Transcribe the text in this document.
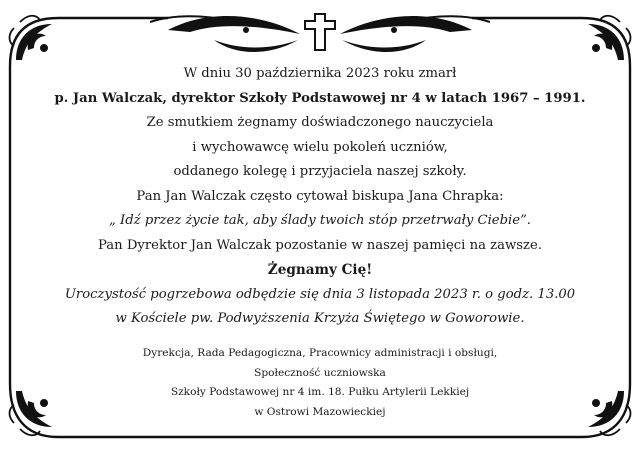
W dniu 30 października 2023 roku zmarł
p. Jan Walczak, dyrektor Szkoły Podstawowej nr 4 w latach 1967 – 1991.
Ze smutkiem żegnamy doświadczonego nauczyciela
i wychowawcę wielu pokoleń uczniów,
oddanego kolegę i przyjaciela naszej szkoły.
Pan Jan Walczak często cytował biskupa Jana Chrapka:
„ Idź przez życie tak, aby ślady twoich stóp przetrwały Ciebie”.
Pan Dyrektor Jan Walczak pozostanie w naszej pamięci na zawsze.
Żegnamy Cię!
Uroczystość pogrzebowa odbędzie się dnia 3 listopada 2023 r. o godz. 13.00
w Kościele pw. Podwyższenia Krzyża Świętego w Goworowie.
Dyrekcja, Rada Pedagogiczna, Pracownicy administracji i obsługi,
Społeczność uczniowska
Szkoły Podstawowej nr 4 im. 18. Pułku Artylerii Lekkiej
w Ostrowi Mazowieckiej
